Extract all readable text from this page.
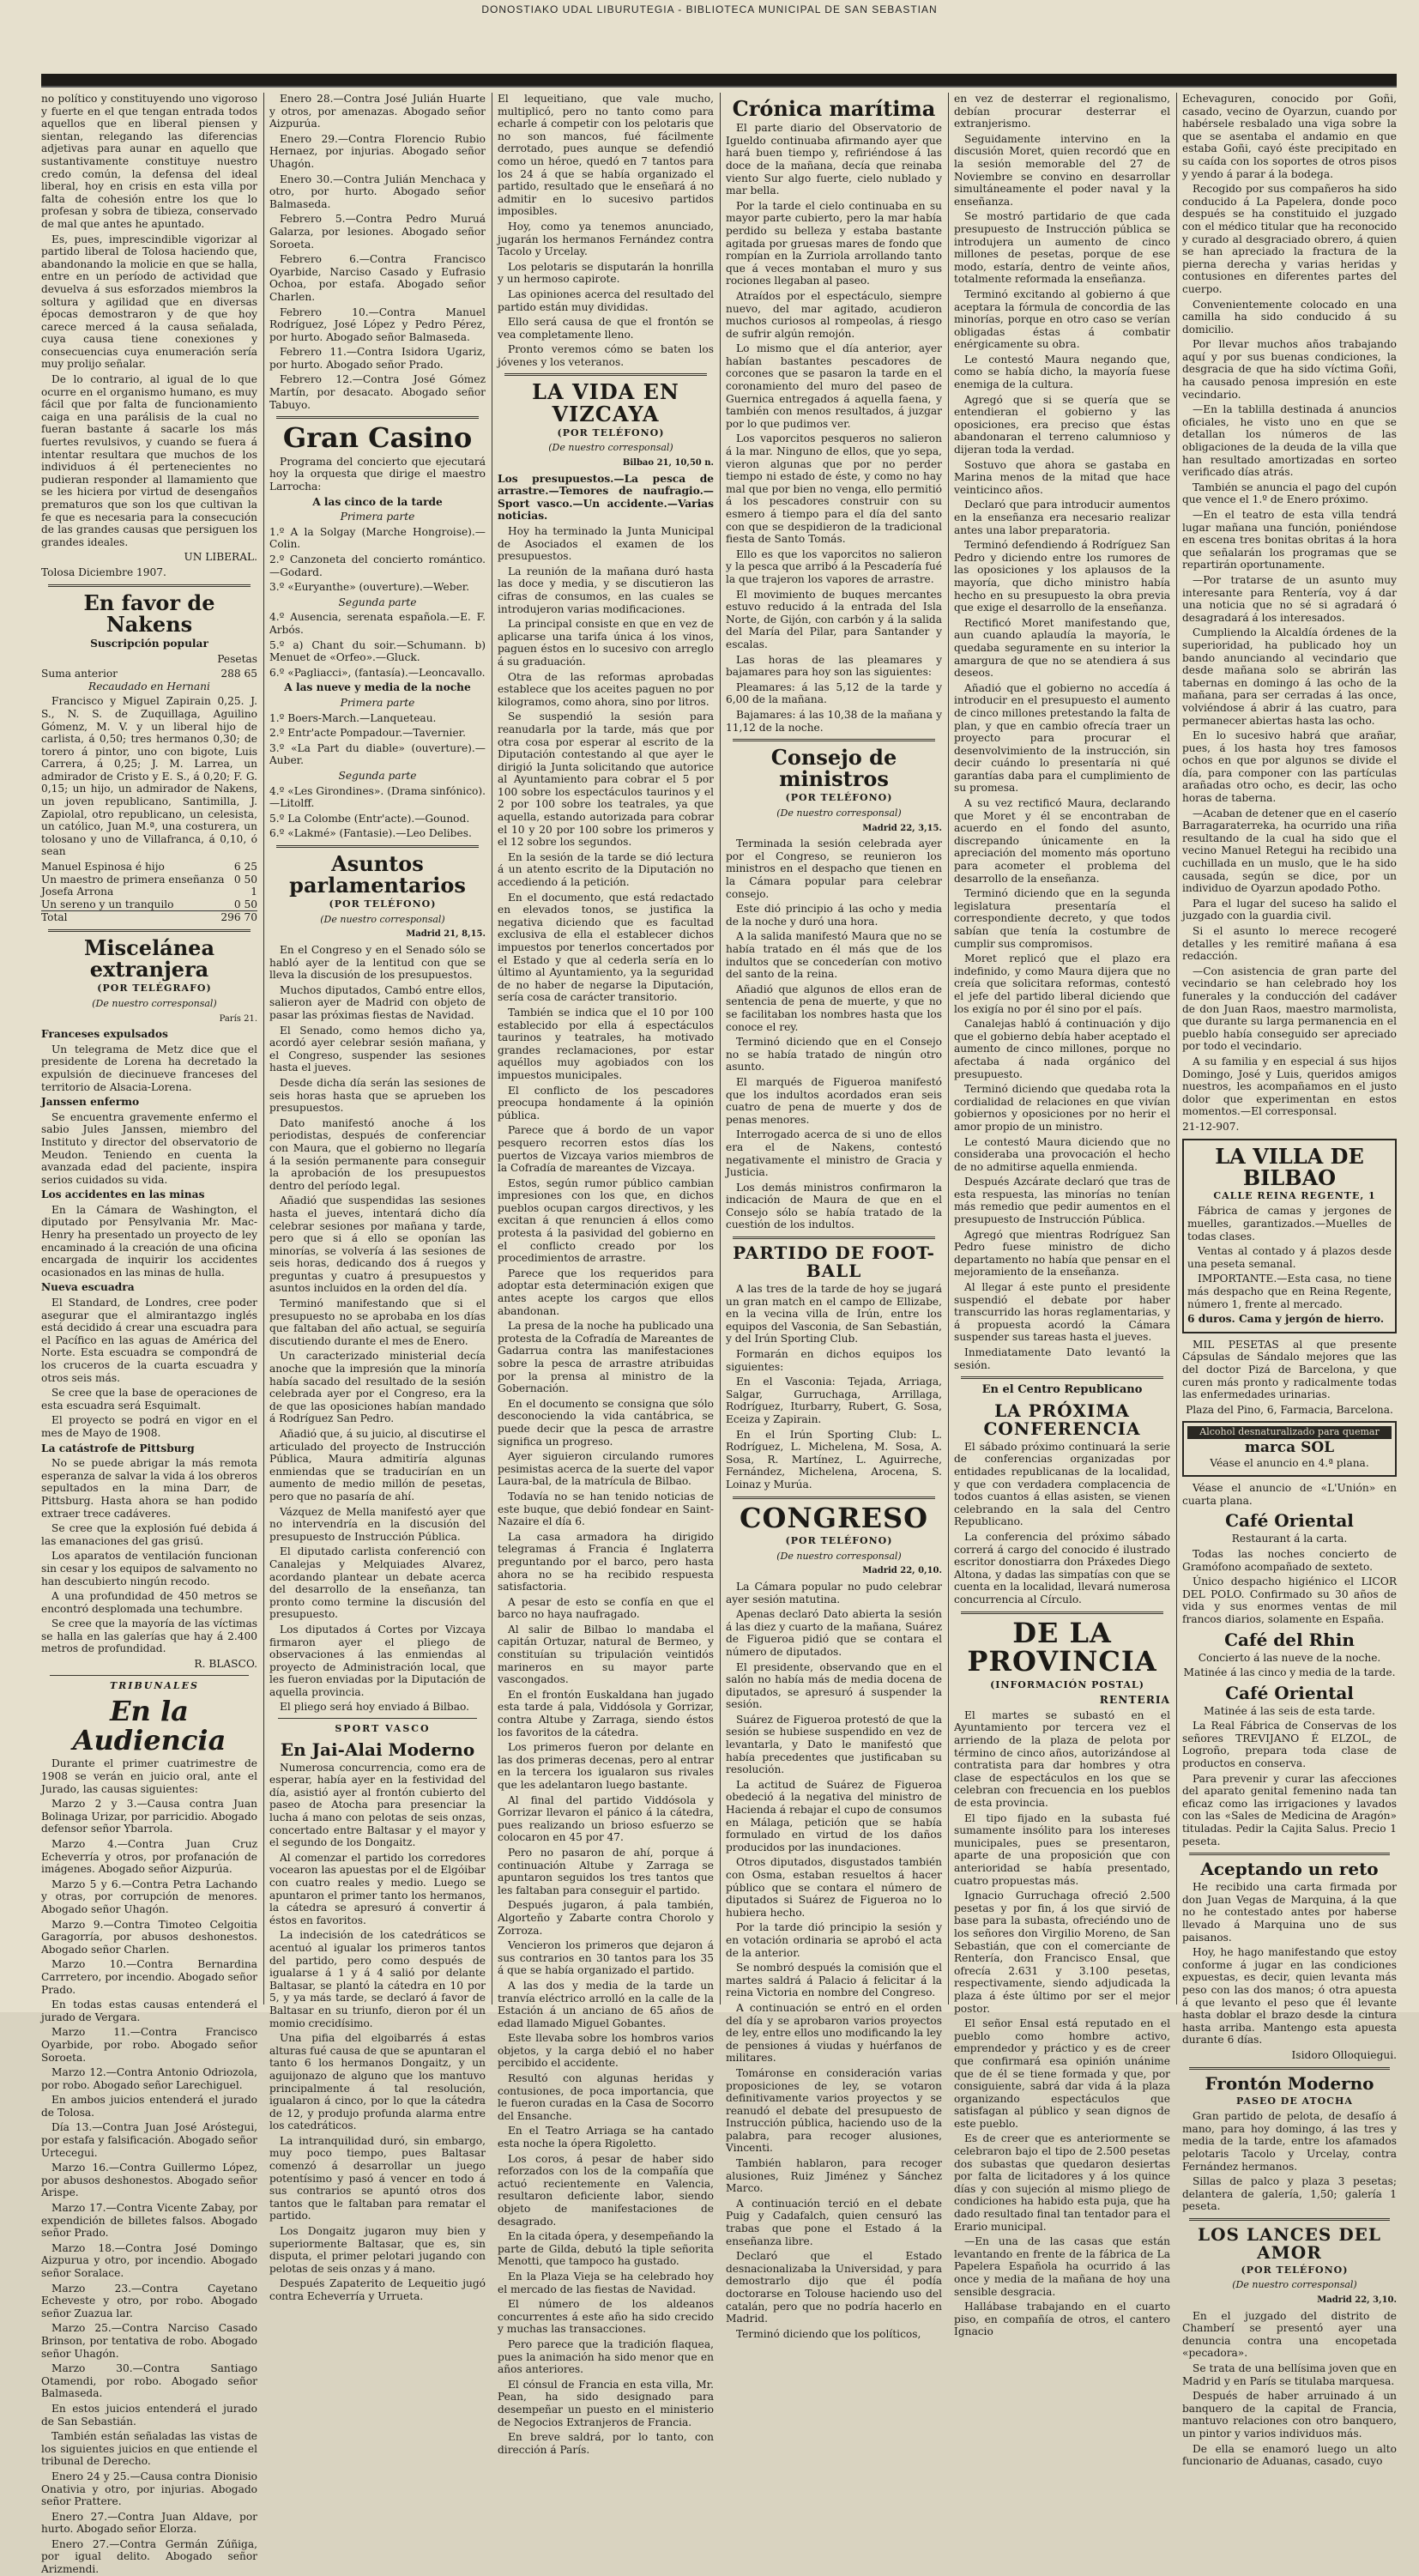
DONOSTIAKO UDAL LIBURUTEGIA - BIBLIOTECA MUNICIPAL DE SAN SEBASTIAN

no político y constituyendo uno vigoroso y fuerte en el que tengan entrada todos aquellos que en liberal piensen y sientan, relegando las diferencias adjetivas para aunar en aquello que sustantivamente constituye nuestro credo común, la defensa del ideal liberal, hoy en crisis en esta villa por falta de cohesión entre los que lo profesan y sobra de tibieza, conservado de mal que antes he apuntado.

Es, pues, imprescindible vigorizar al partido liberal de Tolosa haciendo que, abandonando la molicie en que se halla, entre en un período de actividad que devuelva á sus esforzados miembros la soltura y agilidad que en diversas épocas demostraron y de que hoy carece merced á la causa señalada, cuya causa tiene conexiones y consecuencias cuya enumeración sería muy prolijo señalar.

De lo contrario, al igual de lo que ocurre en el organismo humano, es muy fácil que por falta de funcionamiento caiga en una parálisis de la cual no fueran bastante á sacarle los más fuertes revulsivos, y cuando se fuera á intentar resultara que muchos de los individuos á él pertenecientes no pudieran responder al llamamiento que se les hiciera por virtud de desengaños prematuros que son los que cultivan la fe que es necesaria para la consecución de las grandes causas que persiguen los grandes ideales.

UN LIBERAL.

Tolosa Diciembre 1907.

En favor de Nakens

Suscripción popular

Pesetas

Suma anterior	288 65

Recaudado en Hernani

Francisco y Miguel Zapirain 0,25. J. S., N. S. de Zuquillaga, Aguilino Gómenz, M. V. y un liberal hijo de carlista, á 0,50; tres hermanos 0,30; de torero á pintor, uno con bigote, Luis Carrera, á 0,25; J. M. Larrea, un admirador de Cristo y E. S., á 0,20; F. G. 0,15; un hijo, un admirador de Nakens, un joven republicano, Santimilla, J. Zapiolal, otro republicano, un celesista, un católico, Juan M.ª, una costurera, un tolosano y uno de Villafranca, á 0,10, ó sean

Manuel Espinosa é hijo	6 25
Un maestro de primera enseñanza 0 50
Josefa Arrona	1
Un sereno y un tranquilo	0 50
Total	296 70
Miscelánea extranjera

(POR TELÉGRAFO)

(De nuestro corresponsal)

París 21.

Franceses expulsados

Un telegrama de Metz dice que el presidente de Lorena ha decretado la expulsión de diecinueve franceses del territorio de Alsacia-Lorena.

Janssen enfermo

Se encuentra gravemente enfermo el sabio Jules Janssen, miembro del Instituto y director del observatorio de Meudon. Teniendo en cuenta la avanzada edad del paciente, inspira serios cuidados su vida.

Los accidentes en las minas

En la Cámara de Washington, el diputado por Pensylvania Mr. Mac-Henry ha presentado un proyecto de ley encaminado á la creación de una oficina encargada de inquirir los accidentes ocasionados en las minas de hulla.

Nueva escuadra

El Standard, de Londres, cree poder asegurar que el almirantazgo inglés está decidido á crear una escuadra para el Pacífico en las aguas de América del Norte. Esta escuadra se compondrá de los cruceros de la cuarta escuadra y otros seis más.

Se cree que la base de operaciones de esta escuadra será Esquimalt.

El proyecto se podrá en vigor en el mes de Mayo de 1908.

La catástrofe de Pittsburg

No se puede abrigar la más remota esperanza de salvar la vida á los obreros sepultados en la mina Darr, de Pittsburg. Hasta ahora se han podido extraer trece cadáveres.

Se cree que la explosión fué debida á las emanaciones del gas grisú.

Los aparatos de ventilación funcionan sin cesar y los equipos de salvamento no han descubierto ningún recodo.

A una profundidad de 450 metros se encontró desplomada una techumbre.

Se cree que la mayoría de las víctimas se halla en las galerías que hay á 2.400 metros de profundidad.

R. BLASCO.

TRIBUNALES

En la Audiencia

Durante el primer cuatrimestre de 1908 se verán en juicio oral, ante el Jurado, las causas siguientes:

Marzo 2 y 3.—Causa contra Juan Bolinaga Urizar, por parricidio. Abogado defensor señor Ybarrola.

Marzo 4.—Contra Juan Cruz Echeverría y otros, por profanación de imágenes. Abogado señor Aizpurúa.

Marzo 5 y 6.—Contra Petra Lachando y otras, por corrupción de menores. Abogado señor Uhagón.

Marzo 9.—Contra Timoteo Celgoitia Garagorría, por abusos deshonestos. Abogado señor Charlen.

Marzo 10.—Contra Bernardina Carrretero, por incendio. Abogado señor Prado.

En todas estas causas entenderá el jurado de Vergara.

Marzo 11.—Contra Francisco Oyarbide, por robo. Abogado señor Soroeta.

Marzo 12.—Contra Antonio Odriozola, por robo. Abogado señor Larechiguel.

En ambos juicios entenderá el jurado de Tolosa.

Día 13.—Contra Juan José Aróstegui, por estafa y falsificación. Abogado señor Urtecegui.

Marzo 16.—Contra Guillermo López, por abusos deshonestos. Abogado señor Arispe.

Marzo 17.—Contra Vicente Zabay, por expendición de billetes falsos. Abogado señor Prado.

Marzo 18.—Contra José Domingo Aizpurua y otro, por incendio. Abogado señor Soralace.

Marzo 23.—Contra Cayetano Echeveste y otro, por robo. Abogado señor Zuazua lar.

Marzo 25.—Contra Narciso Casado Brinson, por tentativa de robo. Abogado señor Uhagón.

Marzo 30.—Contra Santiago Otamendi, por robo. Abogado señor Balmaseda.

En estos juicios entenderá el jurado de San Sebastián.

También están señaladas las vistas de los siguientes juicios en que entiende el tribunal de Derecho.

Enero 24 y 25.—Causa contra Dionisio Onativia y otro, por injurias. Abogado señor Prattere.

Enero 27.—Contra Juan Aldave, por hurto. Abogado señor Elorza.

Enero 27.—Contra Germán Zúñiga, por igual delito. Abogado señor Arizmendi.

Enero 28.—Contra José Julián Huarte y otros, por amenazas. Abogado señor Aizpurúa.

Enero 29.—Contra Florencio Rubio Hernaez, por injurias. Abogado señor Uhagón.

Enero 30.—Contra Julián Menchaca y otro, por hurto. Abogado señor Balmaseda.

Febrero 5.—Contra Pedro Muruá Galarza, por lesiones. Abogado señor Soroeta.

Febrero 6.—Contra Francisco Oyarbide, Narciso Casado y Eufrasio Ochoa, por estafa. Abogado señor Charlen.

Febrero 10.—Contra Manuel Rodríguez, José López y Pedro Pérez, por hurto. Abogado señor Balmaseda.

Febrero 11.—Contra Isidora Ugariz, por hurto. Abogado señor Prado.

Febrero 12.—Contra José Gómez Martín, por desacato. Abogado señor Tabuyo.

Gran Casino

Programa del concierto que ejecutará hoy la orquesta que dirige el maestro Larrocha:

A las cinco de la tarde

Primera parte

1.º A la Solgay (Marche Hongroise).—Colin.

2.º Canzoneta del concierto romántico.—Godard.

3.º «Euryanthe» (ouverture).—Weber.

Segunda parte

4.º Ausencia, serenata española.—E. F. Arbós.

5.º a) Chant du soir.—Schumann. b) Menuet de «Orfeo».—Gluck.

6.º «Pagliacci», (fantasía).—Leoncavallo.

A las nueve y media de la noche

Primera parte

1.º Boers-March.—Lanqueteau.

2.º Entr'acte Pompadour.—Tavernier.

3.º «La Part du diable» (ouverture).—Auber.

Segunda parte

4.º «Les Girondines». (Drama sinfónico).—Litolff.

5.º La Colombe (Entr'acte).—Gounod.

6.º «Lakmé» (Fantasie).—Leo Delibes.

Asuntos parlamentarios

(POR TELÉFONO)

(De nuestro corresponsal)

Madrid 21, 8,15.

En el Congreso y en el Senado sólo se habló ayer de la lentitud con que se lleva la discusión de los presupuestos.

Muchos diputados, Cambó entre ellos, salieron ayer de Madrid con objeto de pasar las próximas fiestas de Navidad.

El Senado, como hemos dicho ya, acordó ayer celebrar sesión mañana, y el Congreso, suspender las sesiones hasta el jueves.

Desde dicha día serán las sesiones de seis horas hasta que se aprueben los presupuestos.

Dato manifestó anoche á los periodistas, después de conferenciar con Maura, que el gobierno no llegaría á la sesión permanente para conseguir la aprobación de los presupuestos dentro del período legal.

Añadió que suspendidas las sesiones hasta el jueves, intentará dicho día celebrar sesiones por mañana y tarde, pero que si á ello se oponían las minorías, se volvería á las sesiones de seis horas, dedicando dos á ruegos y preguntas y cuatro á presupuestos y asuntos incluidos en la orden del día.

Terminó manifestando que si el presupuesto no se aprobaba en los días que faltaban del año actual, se seguiría discutiendo durante el mes de Enero.

Un caracterizado ministerial decía anoche que la impresión que la minoría había sacado del resultado de la sesión celebrada ayer por el Congreso, era la de que las oposiciones habían mandado á Rodríguez San Pedro.

Añadió que, á su juicio, al discutirse el articulado del proyecto de Instrucción Pública, Maura admitiría algunas enmiendas que se traducirían en un aumento de medio millón de pesetas, pero que no pasaría de ahí.

Vázquez de Mella manifestó ayer que no intervendría en la discusión del presupuesto de Instrucción Pública.

El diputado carlista conferenció con Canalejas y Melquiades Alvarez, acordando plantear un debate acerca del desarrollo de la enseñanza, tan pronto como termine la discusión del presupuesto.

Los diputados á Cortes por Vizcaya firmaron ayer el pliego de observaciones á las enmiendas al proyecto de Administración local, que les fueron enviadas por la Diputación de aquella provincia.

El pliego será hoy enviado á Bilbao.

SPORT VASCO

En Jai-Alai Moderno

Numerosa concurrencia, como era de esperar, había ayer en la festividad del día, asistió ayer al frontón cubierto del paseo de Atocha para presenciar la lucha á mano con pelotas de seis onzas, concertado entre Baltasar y el mayor y el segundo de los Dongaitz.

Al comenzar el partido los corredores vocearon las apuestas por el de Elgóibar con cuatro reales y medio. Luego se apuntaron el primer tanto los hermanos, la cátedra se apresuró á convertir á éstos en favoritos.

La indecisión de los catedráticos se acentuó al igualar los primeros tantos del partido, pero como después de igualarse á 1 y á 4 salió por delante Baltasar, se plantó la cátedra en 10 por 5, y ya más tarde, se declaró á favor de Baltasar en su triunfo, dieron por él un momio crecidísimo.

Una pifia del elgoibarrés á estas alturas fué causa de que se apuntaran el tanto 6 los hermanos Dongaitz, y un aguijonazo de alguno que los mantuvo principalmente á tal resolución, igualaron á cinco, por lo que la cátedra de 12, y produjo profunda alarma entre los catedráticos.

La intranquilidad duró, sin embargo, muy poco tiempo, pues Baltasar comenzó á desarrollar un juego potentísimo y pasó á vencer en todo á sus contrarios se apuntó otros dos tantos que le faltaban para rematar el partido.

Los Dongaitz jugaron muy bien y superiormente Baltasar, que es, sin disputa, el primer pelotari jugando con pelotas de seis onzas y á mano.

Después Zapaterito de Lequeitio jugó contra Echeverría y Urrueta.

El lequeitiano, que vale mucho, multiplicó, pero no tanto como para echarle á competir con los pelotaris que no son mancos, fué fácilmente derrotado, pues aunque se defendió como un héroe, quedó en 7 tantos para los 24 á que se había organizado el partido, resultado que le enseñará á no admitir en lo sucesivo partidos imposibles.

Hoy, como ya tenemos anunciado, jugarán los hermanos Fernández contra Tacolo y Urcelay.

Los pelotaris se disputarán la honrilla y un hermoso capirote.

Las opiniones acerca del resultado del partido están muy divididas.

Ello será causa de que el frontón se vea completamente lleno.

Pronto veremos cómo se baten los jóvenes y los veteranos.

LA VIDA EN VIZCAYA

(POR TELÉFONO)

(De nuestro corresponsal)

Bilbao 21, 10,50 n.

Los presupuestos.—La pesca de arrastre.—Temores de naufragio.—Sport vasco.—Un accidente.—Varias noticias.

Hoy ha terminado la Junta Municipal de Asociados el examen de los presupuestos.

La reunión de la mañana duró hasta las doce y media, y se discutieron las cifras de consumos, en las cuales se introdujeron varias modificaciones.

La principal consiste en que en vez de aplicarse una tarifa única á los vinos, paguen éstos en lo sucesivo con arreglo á su graduación.

Otra de las reformas aprobadas establece que los aceites paguen no por kilogramos, como ahora, sino por litros.

Se suspendió la sesión para reanudarla por la tarde, más que por otra cosa por esperar al escrito de la Diputación contestando al que ayer le dirigió la Junta solicitando que autorice al Ayuntamiento para cobrar el 5 por 100 sobre los espectáculos taurinos y el 2 por 100 sobre los teatrales, ya que aquella, estando autorizada para cobrar el 10 y 20 por 100 sobre los primeros y el 12 sobre los segundos.

En la sesión de la tarde se dió lectura á un atento escrito de la Diputación no accediendo á la petición.

En el documento, que está redactado en elevados tonos, se justifica la negativa diciendo que es facultad exclusiva de ella el establecer dichos impuestos por tenerlos concertados por el Estado y que al cederla sería en lo último al Ayuntamiento, ya la seguridad de no haber de negarse la Diputación, sería cosa de carácter transitorio.

También se indica que el 10 por 100 establecido por ella á espectáculos taurinos y teatrales, ha motivado grandes reclamaciones, por estar aquéllos muy agobiados con los impuestos municipales.

El conflicto de los pescadores preocupa hondamente á la opinión pública.

Parece que á bordo de un vapor pesquero recorren estos días los puertos de Vizcaya varios miembros de la Cofradía de mareantes de Vizcaya.

Estos, según rumor público cambian impresiones con los que, en dichos pueblos ocupan cargos directivos, y les excitan á que renuncien á ellos como protesta á la pasividad del gobierno en el conflicto creado por los procedimientos de arrastre.

Parece que los requeridos para adoptar esta determinación exigen que antes acepte los cargos que ellos abandonan.

La presa de la noche ha publicado una protesta de la Cofradía de Mareantes de Gadarrua contra las manifestaciones sobre la pesca de arrastre atribuidas por la prensa al ministro de la Gobernación.

En el documento se consigna que sólo desconociendo la vida cantábrica, se puede decir que la pesca de arrastre significa un progreso.

Ayer siguieron circulando rumores pesimistas acerca de la suerte del vapor Laura-bal, de la matrícula de Bilbao.

Todavía no se han tenido noticias de este buque, que debió fondear en Saint-Nazaire el día 6.

La casa armadora ha dirigido telegramas á Francia é Inglaterra preguntando por el barco, pero hasta ahora no se ha recibido respuesta satisfactoria.

A pesar de esto se confía en que el barco no haya naufragado.

Al salir de Bilbao lo mandaba el capitán Ortuzar, natural de Bermeo, y constituían su tripulación veintidós marineros en su mayor parte vascongados.

En el frontón Euskaldana han jugado esta tarde á pala, Viddósola y Gorrizar, contra Altube y Zarraga, siendo éstos los favoritos de la cátedra.

Los primeros fueron por delante en las dos primeras decenas, pero al entrar en la tercera los igualaron sus rivales que les adelantaron luego bastante.

Al final del partido Viddósola y Gorrizar llevaron el pánico á la cátedra, pues realizando un brioso esfuerzo se colocaron en 45 por 47.

Pero no pasaron de ahí, porque á continuación Altube y Zarraga se apuntaron seguidos los tres tantos que les faltaban para conseguir el partido.

Después jugaron, á pala también, Algorteño y Zabarte contra Chorolo y Zorroza.

Vencieron los primeros que dejaron á sus contrarios en 30 tantos para los 35 á que se había organizado el partido.

A las dos y media de la tarde un tranvía eléctrico arrolló en la calle de la Estación á un anciano de 65 años de edad llamado Miguel Gobantes.

Este llevaba sobre los hombros varios objetos, y la carga debió el no haber percibido el accidente.

Resultó con algunas heridas y contusiones, de poca importancia, que le fueron curadas en la Casa de Socorro del Ensanche.

En el Teatro Arriaga se ha cantado esta noche la ópera Rigoletto.

Los coros, á pesar de haber sido reforzados con los de la compañía que actuó recientemente en Valencia, resultaron deficiente labor, siendo objeto de manifestaciones de desagrado.

En la citada ópera, y desempeñando la parte de Gilda, debutó la tiple señorita Menotti, que tampoco ha gustado.

En la Plaza Vieja se ha celebrado hoy el mercado de las fiestas de Navidad.

El número de los aldeanos concurrentes á este año ha sido crecido y muchas las transacciones.

Pero parece que la tradición flaquea, pues la animación ha sido menor que en años anteriores.

El cónsul de Francia en esta villa, Mr. Pean, ha sido designado para desempeñar un puesto en el ministerio de Negocios Extranjeros de Francia.

En breve saldrá, por lo tanto, con dirección á París.

Crónica marítima

El parte diario del Observatorio de Igueldo continuaba afirmando ayer que hará buen tiempo y, refiriéndose á las doce de la mañana, decía que reinaba viento Sur algo fuerte, cielo nublado y mar bella.

Por la tarde el cielo continuaba en su mayor parte cubierto, pero la mar había perdido su belleza y estaba bastante agitada por gruesas mares de fondo que rompían en la Zurriola arrollando tanto que á veces montaban el muro y sus rociones llegaban al paseo.

Atraídos por el espectáculo, siempre nuevo, del mar agitado, acudieron muchos curiosos al rompeolas, á riesgo de sufrir algún remojón.

Lo mismo que el día anterior, ayer habían bastantes pescadores de corcones que se pasaron la tarde en el coronamiento del muro del paseo de Guernica entregados á aquella faena, y también con menos resultados, á juzgar por lo que pudimos ver.

Los vaporcitos pesqueros no salieron á la mar. Ninguno de ellos, que yo sepa, vieron algunas que por no perder tiempo ni estado de éste, y como no hay mal que por bien no venga, ello permitió á los pescadores construir con su esmero á tiempo para el día del santo con que se despidieron de la tradicional fiesta de Santo Tomás.

Ello es que los vaporcitos no salieron y la pesca que arribó á la Pescadería fué la que trajeron los vapores de arrastre.

El movimiento de buques mercantes estuvo reducido á la entrada del Isla Norte, de Gijón, con carbón y á la salida del María del Pilar, para Santander y escalas.

Las horas de las pleamares y bajamares para hoy son las siguientes:

Pleamares: á las 5,12 de la tarde y 6,00 de la mañana.

Bajamares: á las 10,38 de la mañana y 11,12 de la noche.

Consejo de ministros

(POR TELÉFONO)

(De nuestro corresponsal)

Madrid 22, 3,15.

Terminada la sesión celebrada ayer por el Congreso, se reunieron los ministros en el despacho que tienen en la Cámara popular para celebrar consejo.

Este dió principio á las ocho y media de la noche y duró una hora.

A la salida manifestó Maura que no se había tratado en él más que de los indultos que se concederían con motivo del santo de la reina.

Añadió que algunos de ellos eran de sentencia de pena de muerte, y que no se facilitaban los nombres hasta que los conoce el rey.

Terminó diciendo que en el Consejo no se había tratado de ningún otro asunto.

El marqués de Figueroa manifestó que los indultos acordados eran seis cuatro de pena de muerte y dos de penas menores.

Interrogado acerca de si uno de ellos era el de Nakens, contestó negativamente el ministro de Gracia y Justicia.

Los demás ministros confirmaron la indicación de Maura de que en el Consejo sólo se había tratado de la cuestión de los indultos.

PARTIDO DE FOOT-BALL

A las tres de la tarde de hoy se jugará un gran match en el campo de Ellizabe, en la vecina villa de Irún, entre los equipos del Vasconia, de San Sebastián, y del Irún Sporting Club.

Formarán en dichos equipos los siguientes:

En el Vasconia: Tejada, Arriaga, Salgar, Gurruchaga, Arrillaga, Rodríguez, Iturbarry, Rubert, G. Sosa, Eceiza y Zapirain.

En el Irún Sporting Club: L. Rodríguez, L. Michelena, M. Sosa, A. Sosa, R. Martínez, L. Aguirreche, Fernández, Michelena, Arocena, S. Loinaz y Murúa.

CONGRESO

(POR TELÉFONO)

(De nuestro corresponsal)

Madrid 22, 0,10.

La Cámara popular no pudo celebrar ayer sesión matutina.

Apenas declaró Dato abierta la sesión á las diez y cuarto de la mañana, Suárez de Figueroa pidió que se contara el número de diputados.

El presidente, observando que en el salón no había más de media docena de diputados, se apresuró á suspender la sesión.

Suárez de Figueroa protestó de que la sesión se hubiese suspendido en vez de levantarla, y Dato le manifestó que había precedentes que justificaban su resolución.

La actitud de Suárez de Figueroa obedeció á la negativa del ministro de Hacienda á rebajar el cupo de consumos en Málaga, petición que se había formulado en virtud de los daños producidos por las inundaciones.

Otros diputados, disgustados también con Osma, estaban resueltos á hacer público que se contara el número de diputados si Suárez de Figueroa no lo hubiera hecho.

Por la tarde dió principio la sesión y en votación ordinaria se aprobó el acta de la anterior.

Se nombró después la comisión que el martes saldrá á Palacio á felicitar á la reina Victoria en nombre del Congreso.

A continuación se entró en el orden del día y se aprobaron varios proyectos de ley, entre ellos uno modificando la ley de pensiones á viudas y huérfanos de militares.

Tomáronse en consideración varias proposiciones de ley, se votaron definitivamente varios proyectos y se reanudó el debate del presupuesto de Instrucción pública, haciendo uso de la palabra, para recoger alusiones, Vincenti.

También hablaron, para recoger alusiones, Ruiz Jiménez y Sánchez Marco.

A continuación terció en el debate Puig y Cadafalch, quien censuró las trabas que pone el Estado á la enseñanza libre.

Declaró que el Estado desnacionalizaba la Universidad, y para demostrarlo dijo que él podía doctorarse en Tolouse haciendo uso del catalán, pero que no podría hacerlo en Madrid.

Terminó diciendo que los políticos,

en vez de desterrar el regionalismo, debían procurar desterrar el extranjerismo.

Seguidamente intervino en la discusión Moret, quien recordó que en la sesión memorable del 27 de Noviembre se convino en desarrollar simultáneamente el poder naval y la enseñanza.

Se mostró partidario de que cada presupuesto de Instrucción pública se introdujera un aumento de cinco millones de pesetas, porque de ese modo, estaría, dentro de veinte años, totalmente reformada la enseñanza.

Terminó excitando al gobierno á que aceptara la fórmula de concordia de las minorías, porque en otro caso se verían obligadas éstas á combatir enérgicamente su obra.

Le contestó Maura negando que, como se había dicho, la mayoría fuese enemiga de la cultura.

Agregó que si se quería que se entendieran el gobierno y las oposiciones, era preciso que éstas abandonaran el terreno calumnioso y dijeran toda la verdad.

Sostuvo que ahora se gastaba en Marina menos de la mitad que hace veinticinco años.

Declaró que para introducir aumentos en la enseñanza era necesario realizar antes una labor preparatoria.

Terminó defendiendo á Rodríguez San Pedro y diciendo entre los rumores de las oposiciones y los aplausos de la mayoría, que dicho ministro había hecho en su presupuesto la obra previa que exige el desarrollo de la enseñanza.

Rectificó Moret manifestando que, aun cuando aplaudía la mayoría, le quedaba seguramente en su interior la amargura de que no se atendiera á sus deseos.

Añadió que el gobierno no accedía á introducir en el presupuesto el aumento de cinco millones pretestando la falta de plan, y que en cambio ofrecía traer un proyecto para procurar el desenvolvimiento de la instrucción, sin decir cuándo lo presentaría ni qué garantías daba para el cumplimiento de su promesa.

A su vez rectificó Maura, declarando que Moret y él se encontraban de acuerdo en el fondo del asunto, discrepando únicamente en la apreciación del momento más oportuno para acometer el problema del desarrollo de la enseñanza.

Terminó diciendo que en la segunda legislatura presentaría el correspondiente decreto, y que todos sabían que tenía la costumbre de cumplir sus compromisos.

Moret replicó que el plazo era indefinido, y como Maura dijera que no creía que solicitara reformas, contestó el jefe del partido liberal diciendo que los exigía no por él sino por el país.

Canalejas habló á continuación y dijo que el gobierno debía haber aceptado el aumento de cinco millones, porque no afectaba á nada orgánico del presupuesto.

Terminó diciendo que quedaba rota la cordialidad de relaciones en que vivían gobiernos y oposiciones por no herir el amor propio de un ministro.

Le contestó Maura diciendo que no consideraba una provocación el hecho de no admitirse aquella enmienda.

Después Azcárate declaró que tras de esta respuesta, las minorías no tenían más remedio que pedir aumentos en el presupuesto de Instrucción Pública.

Agregó que mientras Rodríguez San Pedro fuese ministro de dicho departamento no había que pensar en el mejoramiento de la enseñanza.

Al llegar á este punto el presidente suspendió el debate por haber transcurrido las horas reglamentarias, y á propuesta acordó la Cámara suspender sus tareas hasta el jueves.

Inmediatamente Dato levantó la sesión.

En el Centro Republicano

LA PRÓXIMA CONFERENCIA

El sábado próximo continuará la serie de conferencias organizadas por entidades republicanas de la localidad, y que con verdadera complacencia de todos cuantos á ellas asisten, se vienen celebrando en la sala del Centro Republicano.

La conferencia del próximo sábado correrá á cargo del conocido é ilustrado escritor donostiarra don Práxedes Diego Altona, y dadas las simpatías con que se cuenta en la localidad, llevará numerosa concurrencia al Círculo.

DE LA PROVINCIA

(INFORMACIÓN POSTAL)

RENTERIA

El martes se subastó en el Ayuntamiento por tercera vez el arriendo de la plaza de pelota por término de cinco años, autorizándose al contratista para dar hombres y otra clase de espectáculos en los que se celebran con frecuencia en los pueblos de esta provincia.

El tipo fijado en la subasta fué sumamente insólito para los intereses municipales, pues se presentaron, aparte de una proposición que con anterioridad se había presentado, cuatro propuestas más.

Ignacio Gurruchaga ofreció 2.500 pesetas y por fin, á los que sirvió de base para la subasta, ofreciéndo uno de los señores don Virgilio Moreno, de San Sebastián, que con el comerciante de Rentería, don Francisco Ensal, que ofrecía 2.631 y 3.100 pesetas, respectivamente, siendo adjudicada la plaza á éste último por ser el mejor postor.

El señor Ensal está reputado en el pueblo como hombre activo, emprendedor y práctico y es de creer que confirmará esa opinión unánime que de él se tiene formada y que, por consiguiente, sabrá dar vida á la plaza organizando espectáculos que satisfagan al público y sean dignos de este pueblo.

Es de creer que es anteriormente se celebraron bajo el tipo de 2.500 pesetas dos subastas que quedaron desiertas por falta de licitadores y á los quince días y con sujeción al mismo pliego de condiciones ha habido esta puja, que ha dado resultado final tan tentador para el Erario municipal.

—En una de las casas que están levantando en frente de la fábrica de La Papelera Española ha ocurrido á las once y media de la mañana de hoy una sensible desgracia.

Hallábase trabajando en el cuarto piso, en compañía de otros, el cantero Ignacio

Echevaguren, conocido por Goñi, casado, vecino de Oyarzun, cuando por habérsele resbalado una viga sobre la que se asentaba el andamio en que estaba Goñi, cayó éste precipitado en su caída con los soportes de otros pisos y yendo á parar á la bodega.

Recogido por sus compañeros ha sido conducido á La Papelera, donde poco después se ha constituido el juzgado con el médico titular que ha reconocido y curado al desgraciado obrero, á quien se han apreciado la fractura de la pierna derecha y varias heridas y contusiones en diferentes partes del cuerpo.

Convenientemente colocado en una camilla ha sido conducido á su domicilio.

Por llevar muchos años trabajando aquí y por sus buenas condiciones, la desgracia de que ha sido víctima Goñi, ha causado penosa impresión en este vecindario.

—En la tablilla destinada á anuncios oficiales, he visto uno en que se detallan los números de las obligaciones de la deuda de la villa que han resultado amortizadas en sorteo verificado días atrás.

También se anuncia el pago del cupón que vence el 1.º de Enero próximo.

—En el teatro de esta villa tendrá lugar mañana una función, poniéndose en escena tres bonitas obritas á la hora que señalarán los programas que se repartirán oportunamente.

—Por tratarse de un asunto muy interesante para Rentería, voy á dar una noticia que no sé si agradará ó desagradará á los interesados.

Cumpliendo la Alcaldía órdenes de la superioridad, ha publicado hoy un bando anunciando al vecindario que desde mañana solo se abrirán las tabernas en domingo á las ocho de la mañana, para ser cerradas á las once, volviéndose á abrir á las cuatro, para permanecer abiertas hasta las ocho.

En lo sucesivo habrá que arañar, pues, á los hasta hoy tres famosos ochos en que por algunos se divide el día, para componer con las partículas arañadas otro ocho, es decir, las ocho horas de taberna.

—Acaban de detener que en el caserío Barragaraterreka, ha ocurrido una riña resultando de la cual ha sido que el vecino Manuel Retegui ha recibido una cuchillada en un muslo, que le ha sido causada, según se dice, por un individuo de Oyarzun apodado Potho.

Para el lugar del suceso ha salido el juzgado con la guardia civil.

Si el asunto lo merece recogeré detalles y les remitiré mañana á esa redacción.

—Con asistencia de gran parte del vecindario se han celebrado hoy los funerales y la conducción del cadáver de don Juan Raos, maestro marmolista, que durante su larga permanencia en el pueblo había conseguido ser apreciado por todo el vecindario.

A su familia y en especial á sus hijos Domingo, José y Luis, queridos amigos nuestros, les acompañamos en el justo dolor que experimentan en estos momentos.—El corresponsal.

21-12-907.

LA VILLA DE BILBAO

CALLE REINA REGENTE, 1

Fábrica de camas y jergones de muelles, garantizados.—Muelles de todas clases.

Ventas al contado y á plazos desde una peseta semanal.

IMPORTANTE.—Esta casa, no tiene más despacho que en Reina Regente, número 1, frente al mercado.

6 duros. Cama y jergón de hierro.

MIL PESETAS al que presente Cápsulas de Sándalo mejores que las del doctor Pizá de Barcelona, y que curen más pronto y radicalmente todas las enfermedades urinarias.

Plaza del Pino, 6, Farmacia, Barcelona.

Alcohol desnaturalizado para quemar

marca SOL

Véase el anuncio en 4.ª plana.

Véase el anuncio de «L'Unión» en cuarta plana.

Café Oriental

Restaurant á la carta.

Todas las noches concierto de Gramófono acompañado de sexteto.

Único despacho higiénico el LICOR DEL POLO. Confirmado su 30 años de vida y sus enormes ventas de mil francos diarios, solamente en España.

Café del Rhin

Concierto á las nueve de la noche.

Matinée á las cinco y media de la tarde.

Café Oriental

Matinée á las seis de esta tarde.

La Real Fábrica de Conservas de los señores TREVIJANO É ELZOL, de Logroño, prepara toda clase de productos en conserva.

Para prevenir y curar las afecciones del aparato genital femenino nada tan eficaz como las irrigaciones y lavados con las «Sales de Medicina de Aragón» tituladas. Pedir la Cajita Salus. Precio 1 peseta.

Aceptando un reto

He recibido una carta firmada por don Juan Vegas de Marquina, á la que no he contestado antes por haberse llevado á Marquina uno de sus paisanos.

Hoy, he hago manifestando que estoy conforme á jugar en las condiciones expuestas, es decir, quien levanta más peso con las dos manos; ó otra apuesta á que levanto el peso que él levante hasta doblar el brazo desde la cintura hasta arriba. Mantengo esta apuesta durante 6 días.

Isidoro Olloquiegui.

Frontón Moderno

PASEO DE ATOCHA

Gran partido de pelota, de desafío á mano, para hoy domingo, á las tres y media de la tarde, entre los afamados pelotaris Tacolo y Urcelay, contra Fernández hermanos.

Sillas de palco y plaza 3 pesetas; delantera de galería, 1,50; galería 1 peseta.

LOS LANCES DEL AMOR

(POR TELÉFONO)

(De nuestro corresponsal)

Madrid 22, 3,10.

En el juzgado del distrito de Chamberí se presentó ayer una denuncia contra una encopetada «pecadora».

Se trata de una bellísima joven que en Madrid y en París se titulaba marquesa.

Después de haber arruinado á un banquero de la capital de Francia, mantuvo relaciones con otro banquero, un pintor y varios individuos más.

De ella se enamoró luego un alto funcionario de Aduanas, casado, cuyo
